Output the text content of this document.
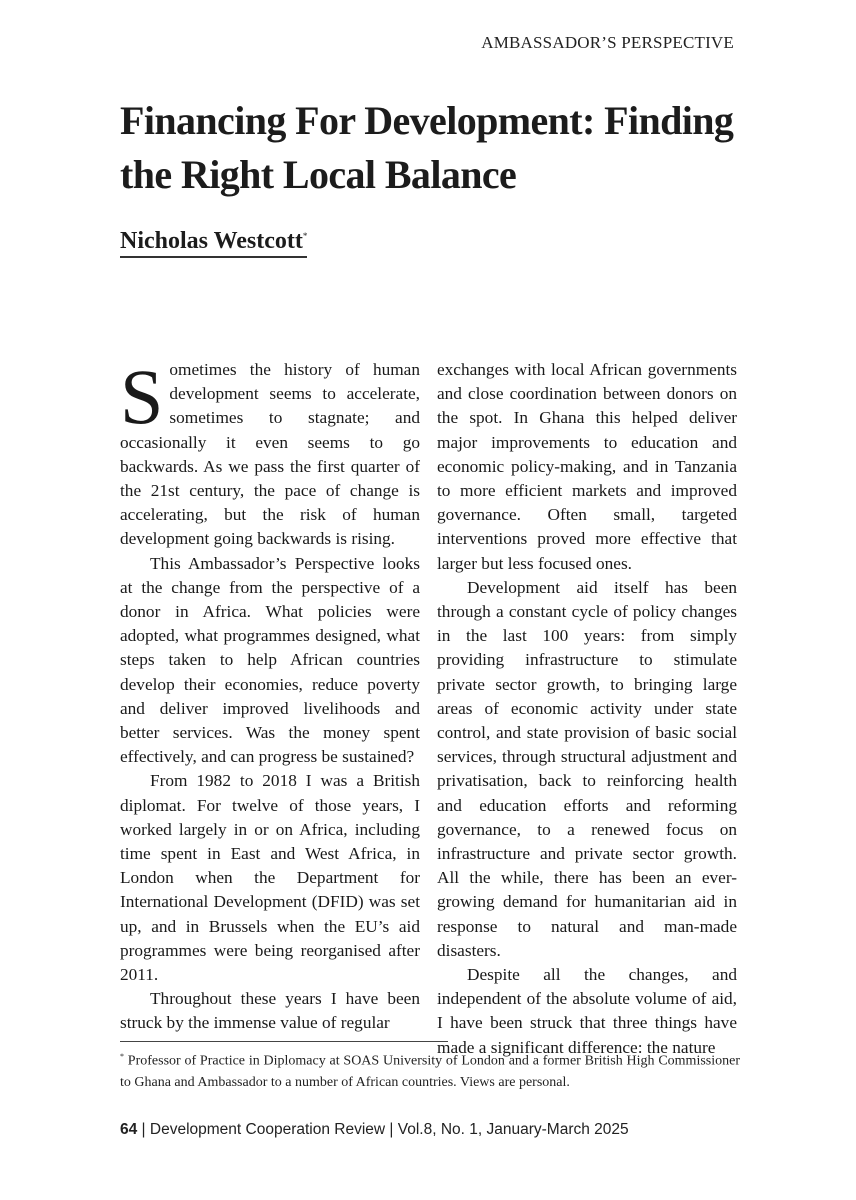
AMBASSADOR’S PERSPECTIVE
Financing For Development: Finding the Right Local Balance
Nicholas Westcott*

Sometimes the history of human development seems to accelerate, sometimes to stagnate; and occasionally it even seems to go backwards. As we pass the first quarter of the 21st century, the pace of change is accelerating, but the risk of human development going backwards is rising.

This Ambassador’s Perspective looks at the change from the perspective of a donor in Africa. What policies were adopted, what programmes designed, what steps taken to help African countries develop their economies, reduce poverty and deliver improved livelihoods and better services. Was the money spent effectively, and can progress be sustained?

From 1982 to 2018 I was a British diplomat. For twelve of those years, I worked largely in or on Africa, including time spent in East and West Africa, in London when the Department for International Development (DFID) was set up, and in Brussels when the EU’s aid programmes were being reorganised after 2011.

Throughout these years I have been struck by the immense value of regular

exchanges with local African governments and close coordination between donors on the spot. In Ghana this helped deliver major improvements to education and economic policy-making, and in Tanzania to more efficient markets and improved governance. Often small, targeted interventions proved more effective that larger but less focused ones.

Development aid itself has been through a constant cycle of policy changes in the last 100 years: from simply providing infrastructure to stimulate private sector growth, to bringing large areas of economic activity under state control, and state provision of basic social services, through structural adjustment and privatisation, back to reinforcing health and education efforts and reforming governance, to a renewed focus on infrastructure and private sector growth. All the while, there has been an ever-growing demand for humanitarian aid in response to natural and man-made disasters.

Despite all the changes, and independent of the absolute volume of aid, I have been struck that three things have made a significant difference: the nature

* Professor of Practice in Diplomacy at SOAS University of London and a former British High Commissioner to Ghana and Ambassador to a number of African countries. Views are personal.
64 | Development Cooperation Review | Vol.8, No. 1, January-March 2025
